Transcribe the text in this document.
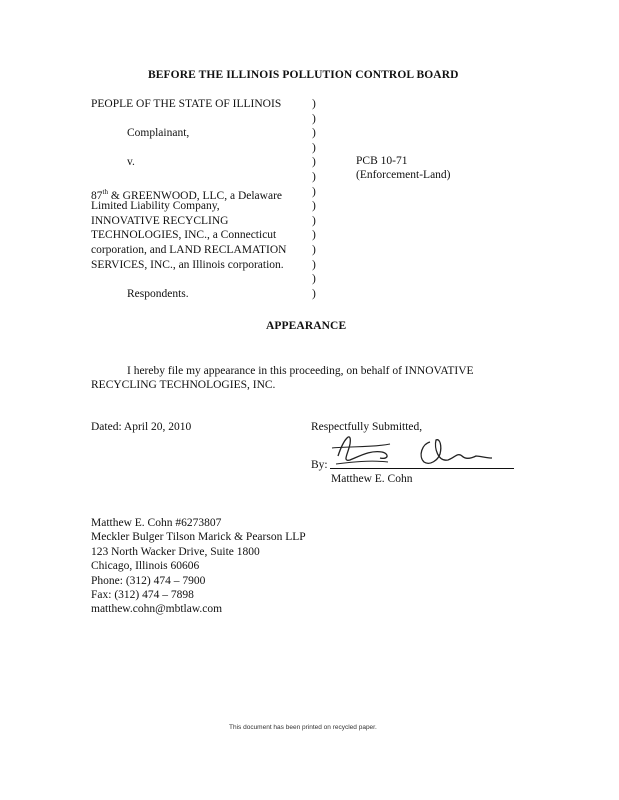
BEFORE THE ILLINOIS POLLUTION CONTROL BOARD
PEOPLE OF THE STATE OF ILLINOIS
Complainant,
v.
87th & GREENWOOD, LLC, a Delaware
Limited Liability Company,
INNOVATIVE RECYCLING
TECHNOLOGIES, INC., a Connecticut
corporation, and LAND RECLAMATION
SERVICES, INC., an Illinois corporation.
Respondents.
)
)
)
)
)
)
)
)
)
)
)
)
)
)
PCB 10-71
(Enforcement-Land)
APPEARANCE
I hereby file my appearance in this proceeding, on behalf of INNOVATIVE
RECYCLING TECHNOLOGIES, INC.
Dated: April 20, 2010	Respectfully Submitted,
By:
Matthew E. Cohn
Matthew E. Cohn #6273807
Meckler Bulger Tilson Marick & Pearson LLP
123 North Wacker Drive, Suite 1800
Chicago, Illinois 60606
Phone: (312) 474 – 7900
Fax: (312) 474 – 7898
matthew.cohn@mbtlaw.com
This document has been printed on recycled paper.
